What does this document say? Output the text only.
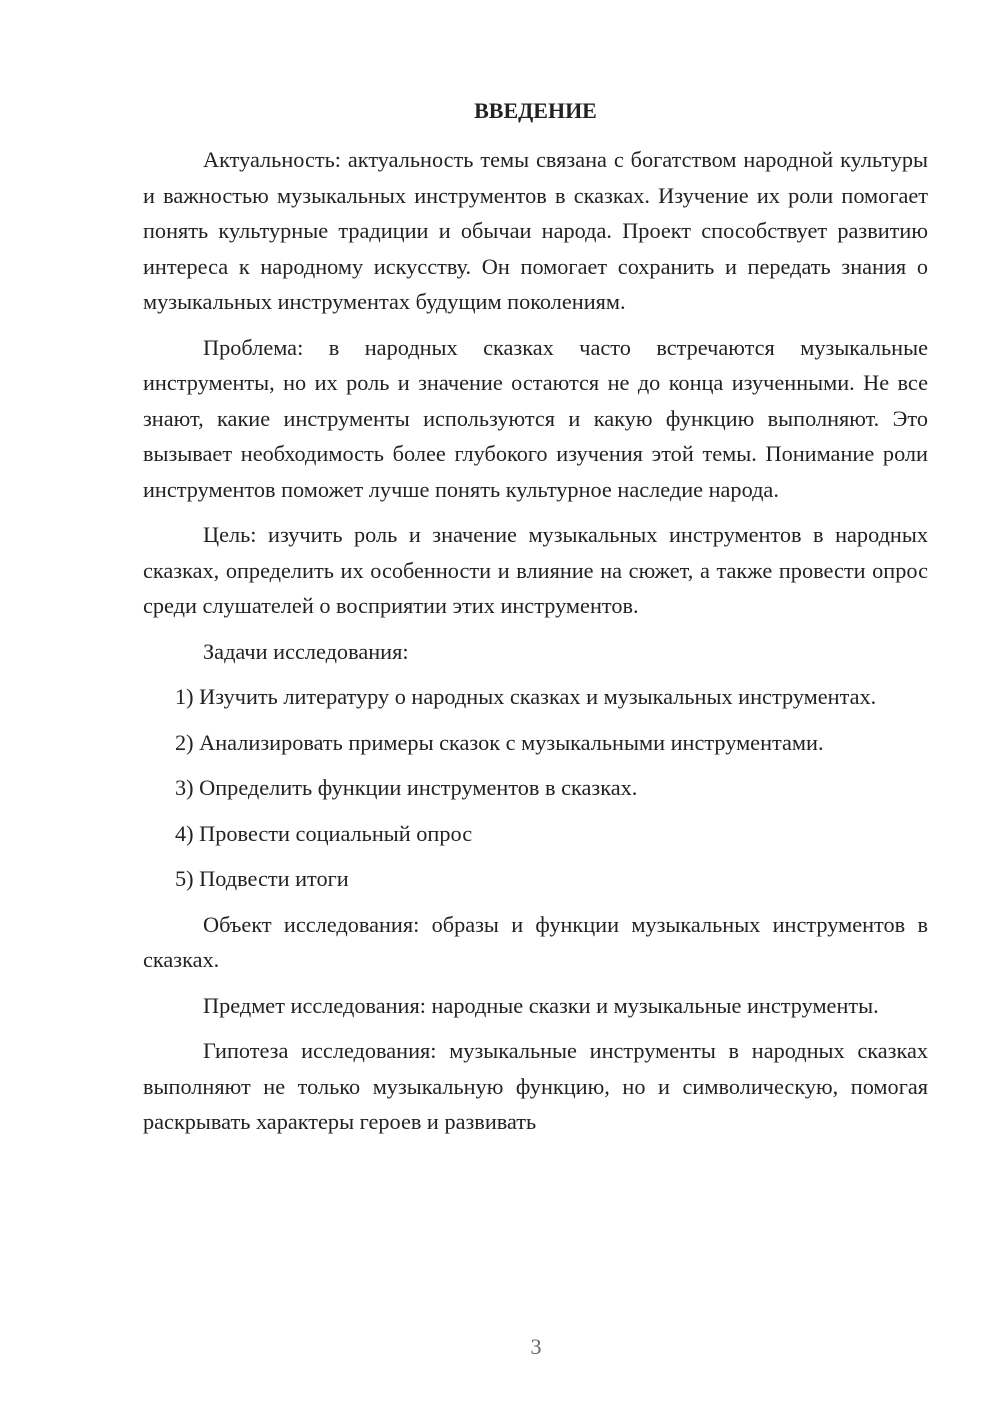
ВВЕДЕНИЕ

Актуальность: актуальность темы связана с богатством народной культуры и важностью музыкальных инструментов в сказках. Изучение их роли помогает понять культурные традиции и обычаи народа. Проект способствует развитию интереса к народному искусству. Он помогает сохранить и передать знания о музыкальных инструментах будущим поколениям.

Проблема: в народных сказках часто встречаются музыкальные инструменты, но их роль и значение остаются не до конца изученными. Не все знают, какие инструменты используются и какую функцию выполняют. Это вызывает необходимость более глубокого изучения этой темы. Понимание роли инструментов поможет лучше понять культурное наследие народа.

Цель: изучить роль и значение музыкальных инструментов в народных сказках, определить их особенности и влияние на сюжет, а также провести опрос среди слушателей о восприятии этих инструментов.

Задачи исследования:

1) Изучить литературу о народных сказках и музыкальных инструментах.

2) Анализировать примеры сказок с музыкальными инструментами.

3) Определить функции инструментов в сказках.

4) Провести социальный опрос

5) Подвести итоги

Объект исследования: образы и функции музыкальных инструментов в сказках.

Предмет исследования: народные сказки и музыкальные инструменты.

Гипотеза исследования: музыкальные инструменты в народных сказках выполняют не только музыкальную функцию, но и символическую, помогая раскрывать характеры героев и развивать

3
